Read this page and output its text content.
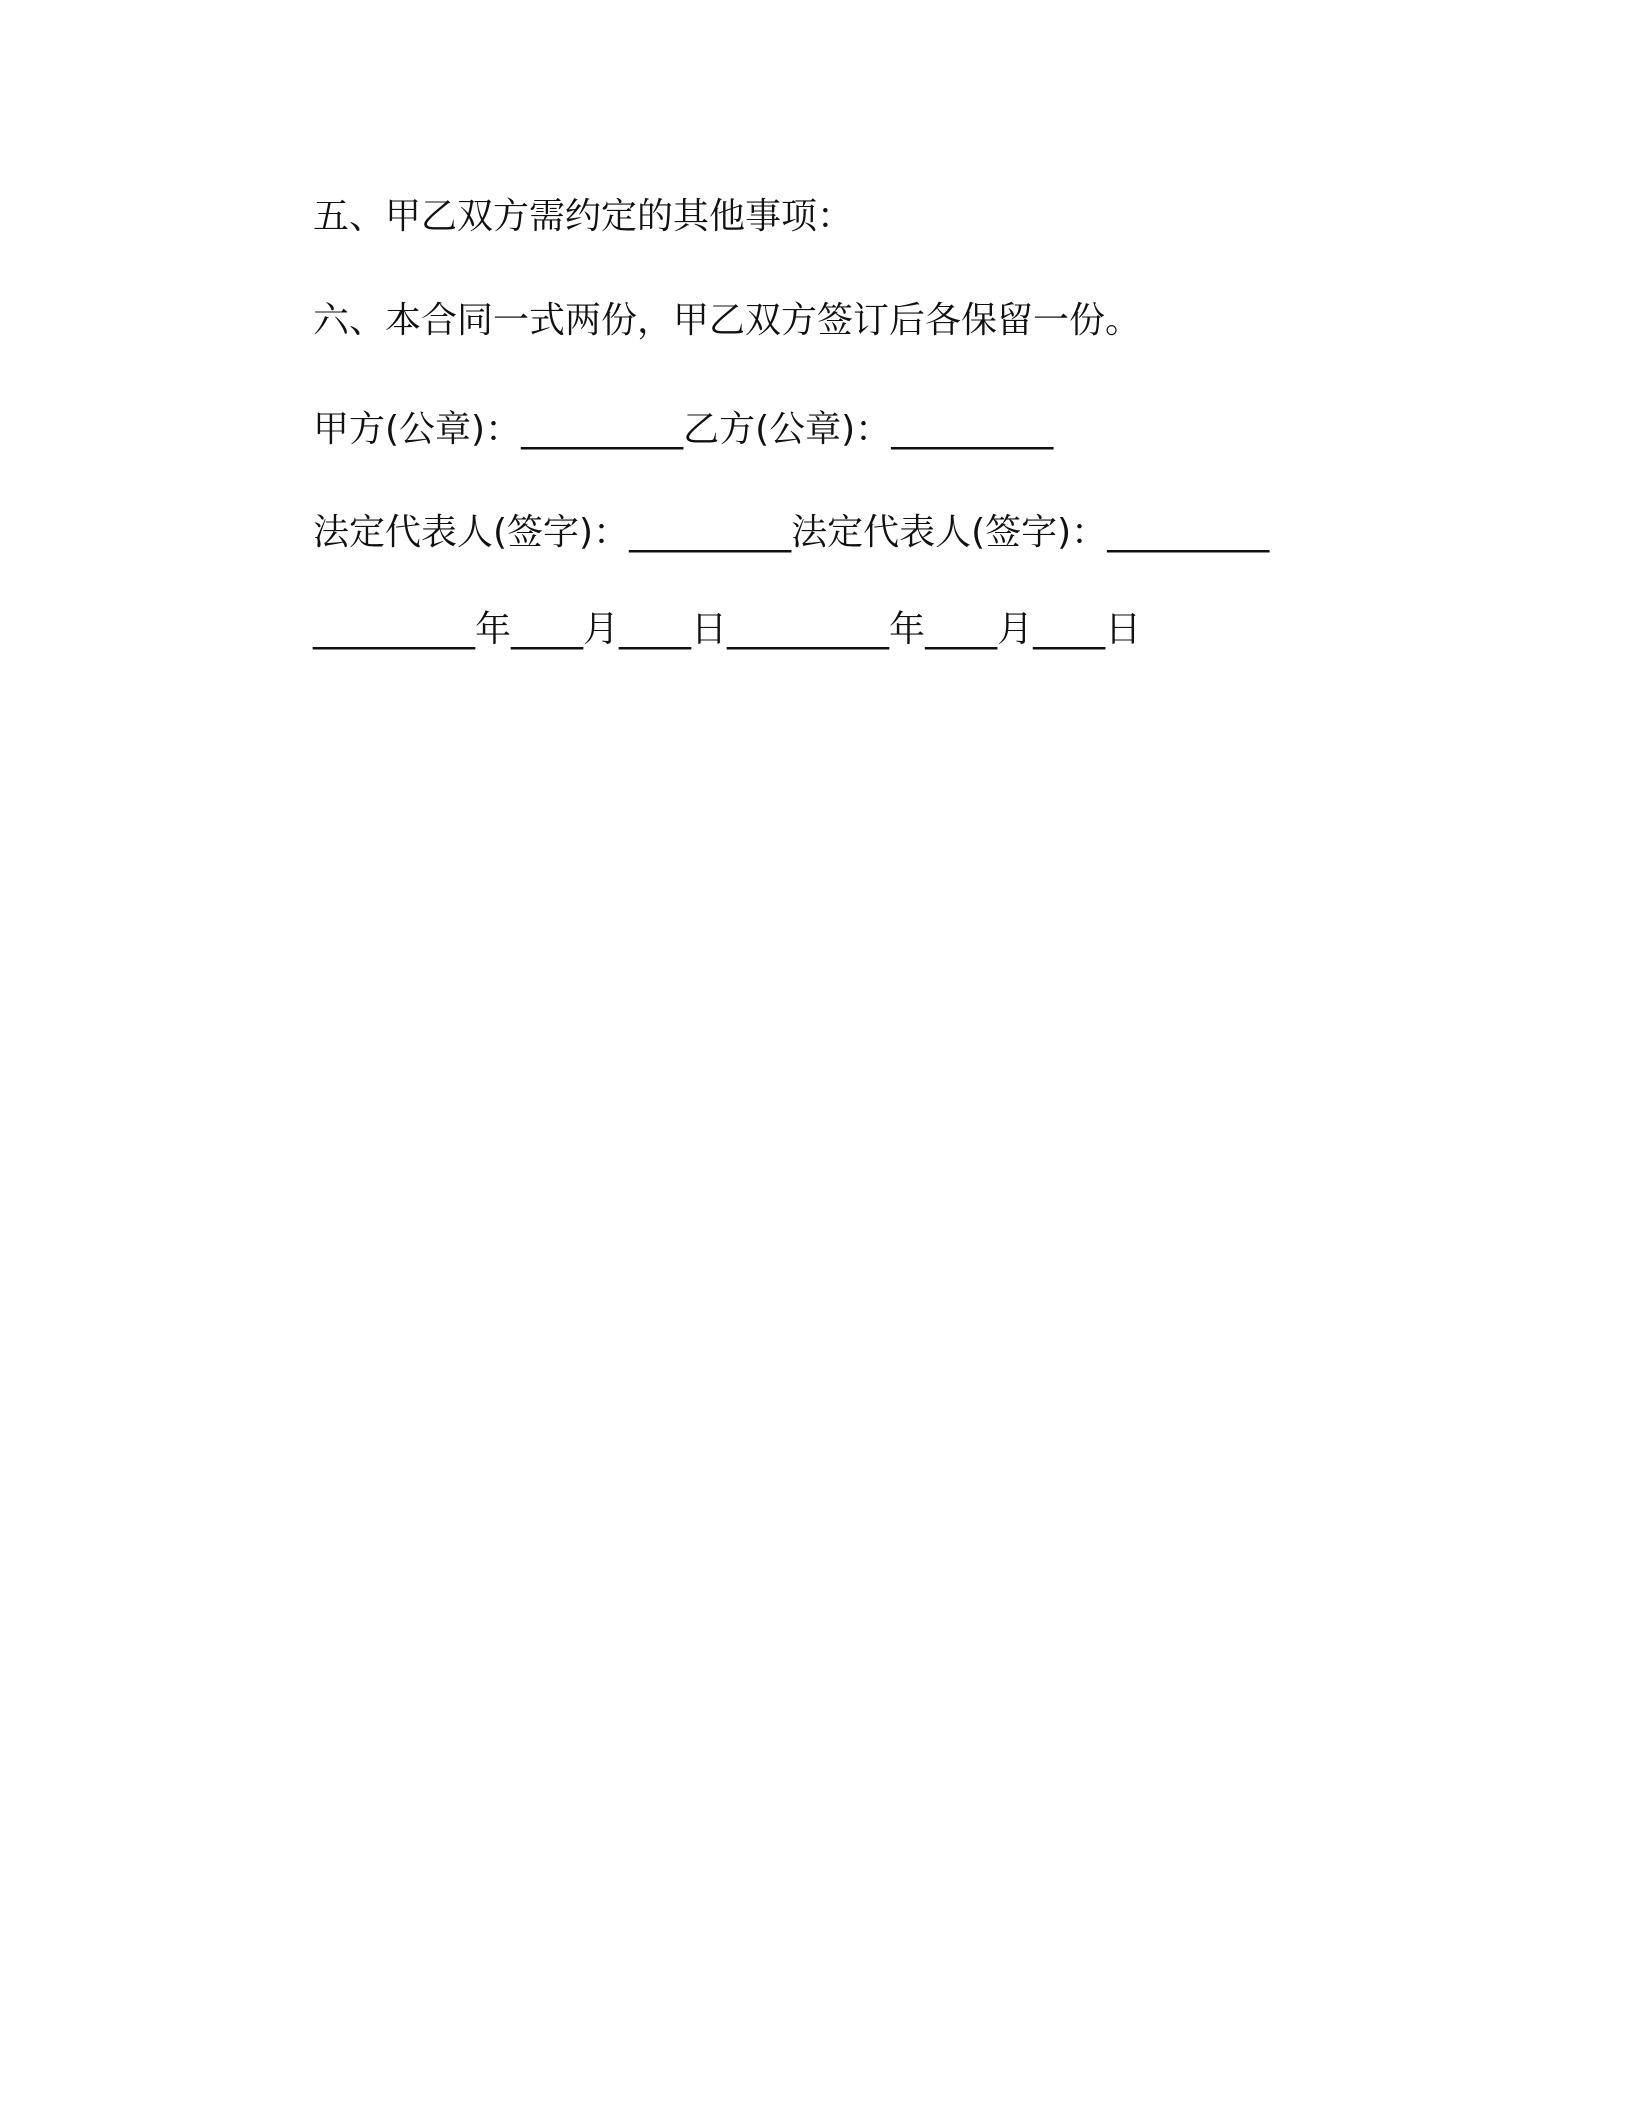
五、甲乙双方需约定的其他事项：
六、本合同一式两份，甲乙双方签订后各保留一份。
甲方(公章)：_________乙方(公章)：_________
法定代表人(签字)：_________法定代表人(签字)：_________
_________年____月____日_________年____月____日
